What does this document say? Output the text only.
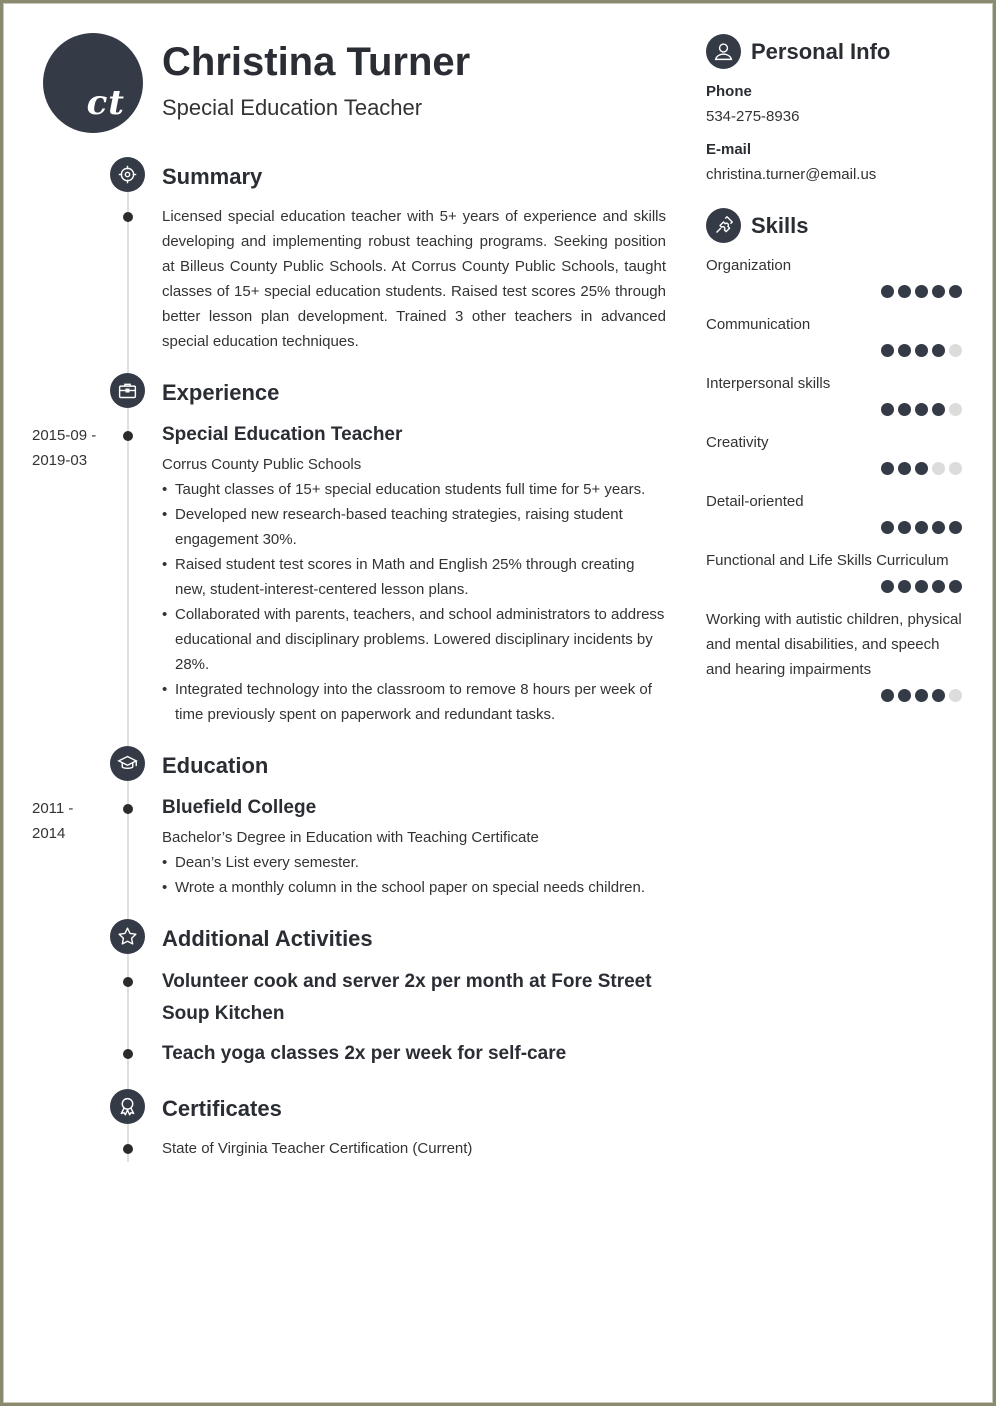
ct
Christina Turner
Special Education Teacher
Summary
Licensed special education teacher with 5+ years of experience and skills developing and implementing robust teaching programs. Seeking position at Billeus County Public Schools. At Corrus County Public Schools, taught classes of 15+ special education students. Raised test scores 25% through better lesson plan development. Trained 3 other teachers in advanced special education techniques.
Experience
2015-09 -
2019-03
Special Education Teacher
Corrus County Public Schools
• Taught classes of 15+ special education students full time for 5+ years.
• Developed new research-based teaching strategies, raising student engagement 30%.
• Raised student test scores in Math and English 25% through creating new, student-interest-centered lesson plans.
• Collaborated with parents, teachers, and school administrators to address educational and disciplinary problems. Lowered disciplinary incidents by 28%.
• Integrated technology into the classroom to remove 8 hours per week of time previously spent on paperwork and redundant tasks.
Education
2011 -
2014
Bluefield College
Bachelor’s Degree in Education with Teaching Certificate
• Dean’s List every semester.
• Wrote a monthly column in the school paper on special needs children.
Additional Activities
Volunteer cook and server 2x per month at Fore Street Soup Kitchen
Teach yoga classes 2x per week for self-care
Certificates
State of Virginia Teacher Certification (Current)
Personal Info
Phone
534-275-8936
E-mail
christina.turner@email.us
Skills
Organization
Communication
Interpersonal skills
Creativity
Detail-oriented
Functional and Life Skills Curriculum
Working with autistic children, physical and mental disabilities, and speech and hearing impairments
